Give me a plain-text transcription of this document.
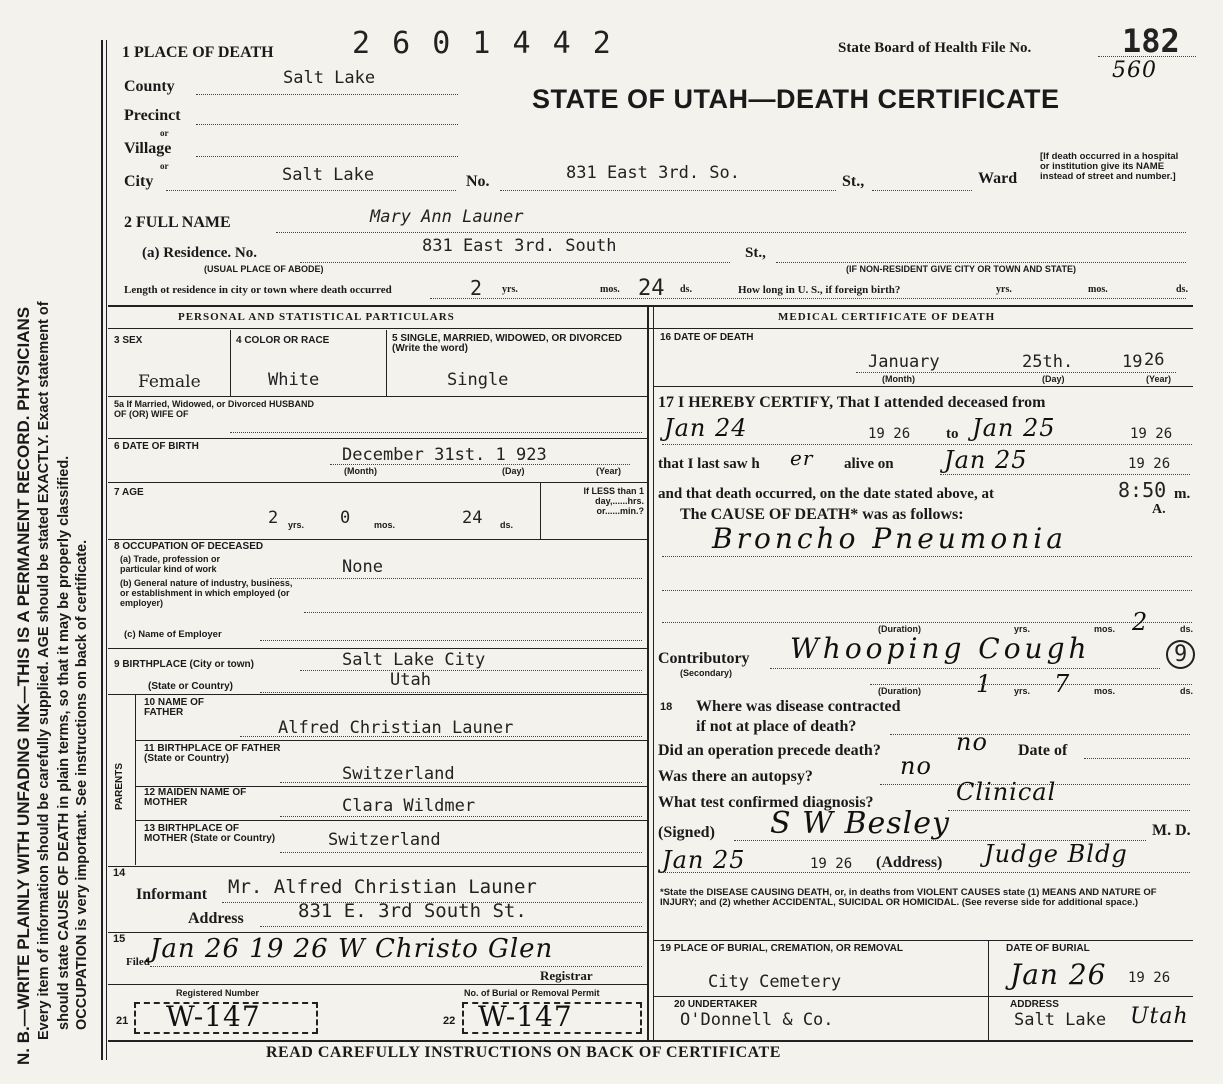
N. B.—WRITE PLAINLY WITH UNFADING INK—THIS IS A PERMANENT RECORD. PHYSICIANS Every item of information should be carefully supplied. AGE should be stated EXACTLY. Exact statement of should state CAUSE OF DEATH in plain terms, so that it may be properly classified. OCCUPATION is very important. See instructions on back of certificate.
1 PLACE OF DEATH	2 6 0 1 4 4 2	State Board of Health File No.	182
560
STATE OF UTAH—DEATH CERTIFICATE
County	Salt Lake
Precinct
or
Village
or
City	Salt Lake	No.	831 East 3rd. So.	St.,	Ward
[If death occurred in a hospital or institution give its NAME instead of street and number.]
2 FULL NAME	Mary Ann Launer
(a) Residence. No.
(USUAL PLACE OF ABODE)
831 East 3rd. South	St.,
(IF NON-RESIDENT GIVE CITY OR TOWN AND STATE)
Length ot residence in city or town where death occurred	2 yrs.	mos. 24 ds.	How long in U. S., if foreign birth?	yrs.	mos.	ds.
PERSONAL AND STATISTICAL PARTICULARS
3 SEX
Female
4 COLOR OR RACE
White
5 SINGLE, MARRIED, WIDOWED, OR DIVORCED (Write the word)
Single
5a If Married, Widowed, or Divorced HUSBAND OF (OR) WIFE OF
6 DATE OF BIRTH	December 31st. 1 923
(Month)	(Day)	(Year)
7 AGE
2 yrs. 0	mos.	24 ds.
If LESS than 1 day,......hrs. or......min.?
8 OCCUPATION OF DECEASED
(a) Trade, profession or particular kind of work
(b) General nature of industry, business, or establishment in which employed (or employer)
None
(c) Name of Employer
9 BIRTHPLACE (City or town)	Salt Lake City
(State or Country)	Utah
PARENTS
10 NAME OF FATHER
Alfred Christian Launer
11 BIRTHPLACE OF FATHER (State or Country)
Switzerland
12 MAIDEN NAME OF MOTHER	Clara Wildmer
13 BIRTHPLACE OF MOTHER (State or Country)	Switzerland
14
Informant Mr. Alfred Christian Launer
Address	831 E. 3rd South St.
15
Filed Jan 26 19 26 W Christo Glen
Registrar
Registered Number	No. of Burial or Removal Permit
21 W-147	22 W-147
MEDICAL CERTIFICATE OF DEATH
16 DATE OF DEATH
January	25th.	19 26
(Month)	(Day)	(Year)
17 I HEREBY CERTIFY, That I attended deceased from
Jan 24	19 26 to Jan 25	19 26
that I last saw h er alive on Jan 25	19 26
and that death occurred, on the date stated above, at	8:50 m.
A.
The CAUSE OF DEATH* was as follows:
Broncho Pneumonia
(Duration)	yrs.	mos. 2	ds.
Contributory
(Secondary)
Whooping Cough	9
(Duration) 1 yrs. 7	mos.	ds.
18 Where was disease contracted
if not at place of death?
Did an operation precede death?	no Date of
Was there an autopsy?	no
What test confirmed diagnosis?	Clinical
(Signed) S W Besley	M. D.
Jan 25	19 26 (Address) Judge Bldg
*State the DISEASE CAUSING DEATH, or, in deaths from VIOLENT CAUSES state (1) MEANS AND NATURE OF INJURY; and (2) whether ACCIDENTAL, SUICIDAL OR HOMICIDAL. (See reverse side for additional space.)
19 PLACE OF BURIAL, CREMATION, OR REMOVAL
City Cemetery
DATE OF BURIAL
Jan 26 19 26
20 UNDERTAKER
O'Donnell & Co.
ADDRESS
Salt Lake Utah
READ CAREFULLY INSTRUCTIONS ON BACK OF CERTIFICATE
